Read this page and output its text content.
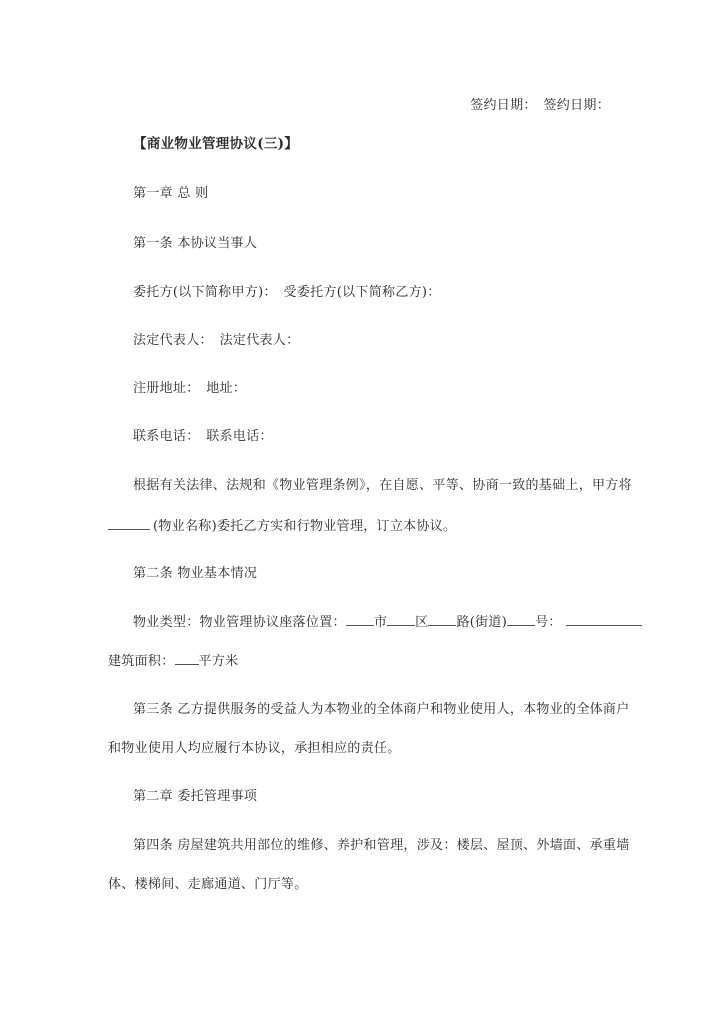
签约日期：　签约日期：
【商业物业管理协议(三)】
第一章 总 则
第一条 本协议当事人
委托方(以下简称甲方)：　受委托方(以下简称乙方)：
法定代表人：　法定代表人：
注册地址：　地址：
联系电话：　联系电话：
根据有关法律、法规和《物业管理条例》，在自愿、平等、协商一致的基础上，甲方将
(物业名称)委托乙方实和行物业管理，订立本协议。
第二条 物业基本情况
物业类型：物业管理协议座落位置： 市 区 路(街道) 号：
建筑面积： 平方米
第三条 乙方提供服务的受益人为本物业的全体商户和物业使用人，本物业的全体商户
和物业使用人均应履行本协议，承担相应的责任。
第二章 委托管理事项
第四条 房屋建筑共用部位的维修、养护和管理，涉及：楼层、屋顶、外墙面、承重墙
体、楼梯间、走廊通道、门厅等。
